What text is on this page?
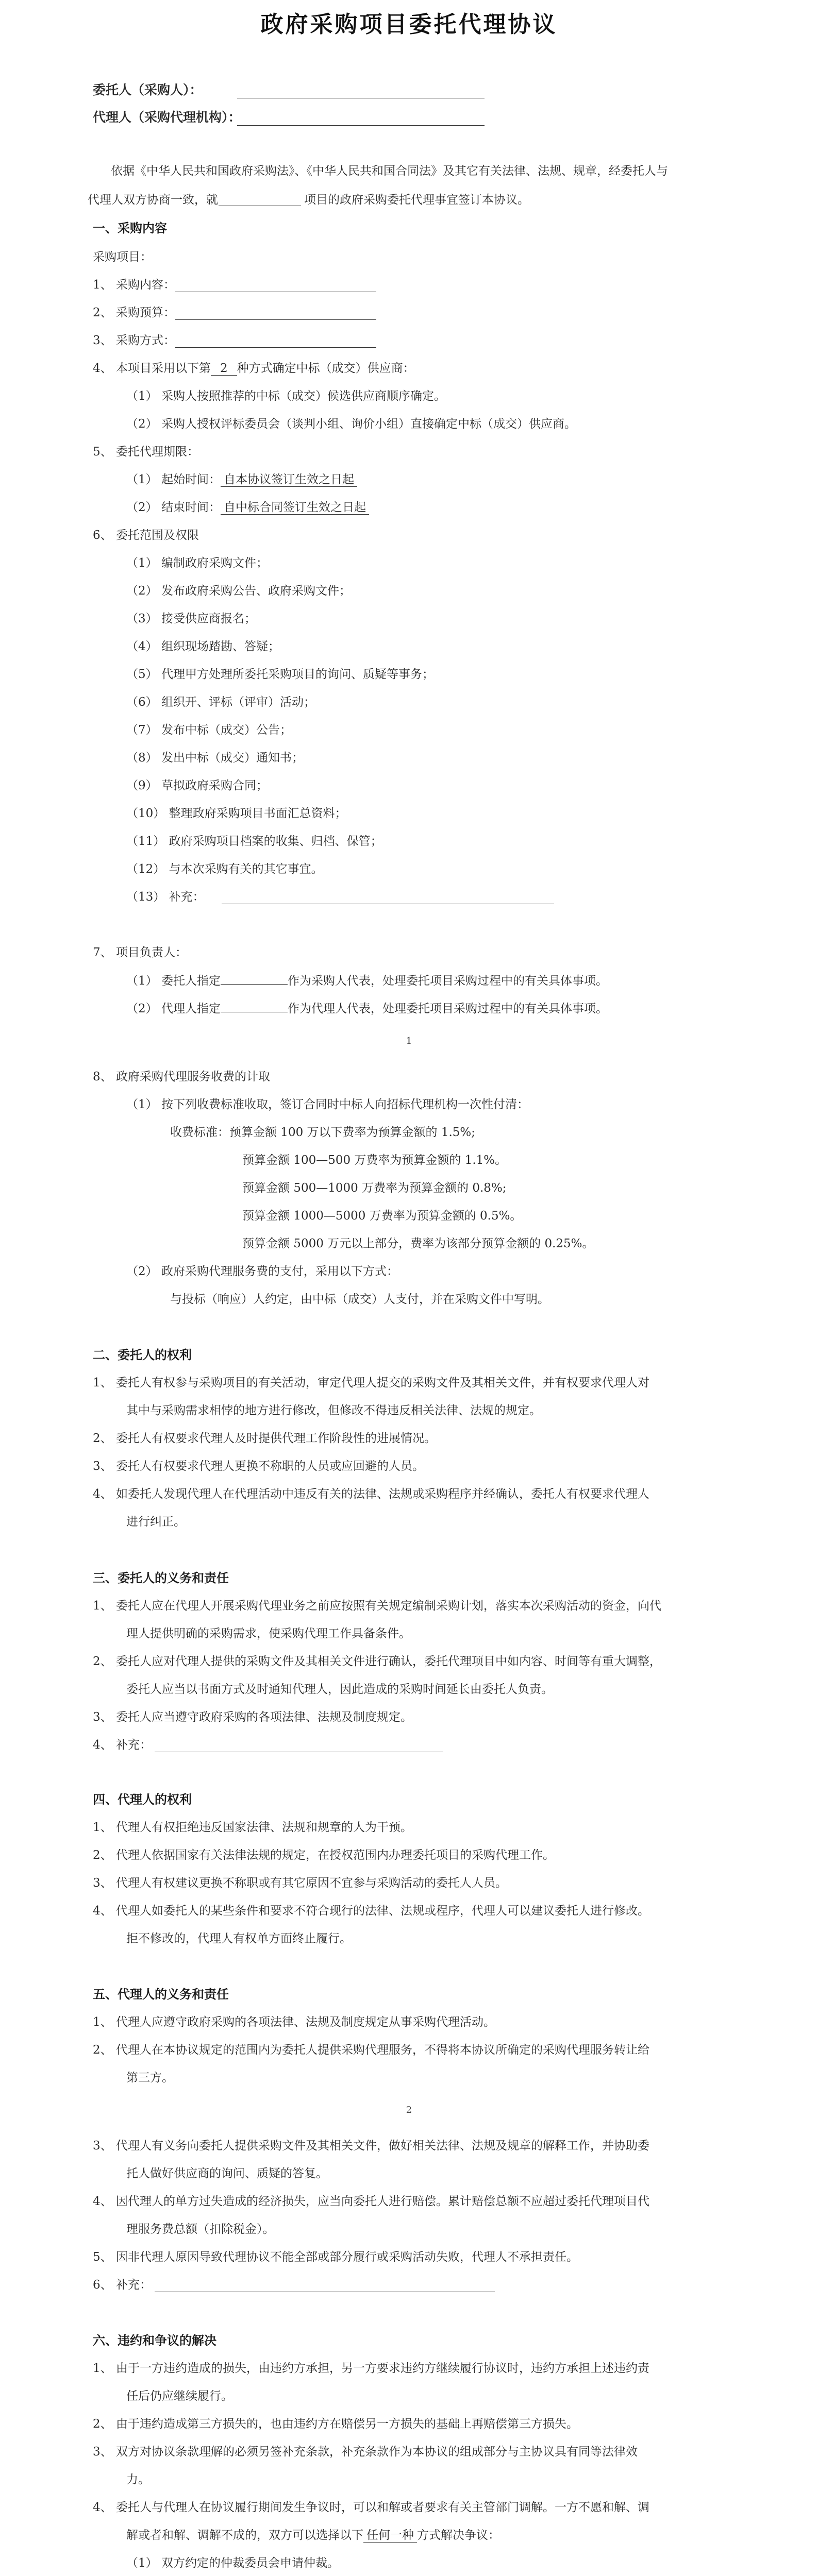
政府采购项目委托代理协议
委托人（采购人）：
代理人（采购代理机构）：
依据《中华人民共和国政府采购法》、《中华人民共和国合同法》及其它有关法律、法规、规章，经委托人与
代理人双方协商一致，就	项目的政府采购委托代理事宜签订本协议。
一、采购内容
采购项目：
1、 采购内容：
2、 采购预算：
3、 采购方式：
4、 本项目采用以下第 2 种方式确定中标（成交）供应商：
（1） 采购人按照推荐的中标（成交）候选供应商顺序确定。
（2） 采购人授权评标委员会（谈判小组、询价小组）直接确定中标（成交）供应商。
5、 委托代理期限：
（1） 起始时间： 自本协议签订生效之日起
（2） 结束时间： 自中标合同签订生效之日起
6、 委托范围及权限
（1） 编制政府采购文件；
（2） 发布政府采购公告、政府采购文件；
（3） 接受供应商报名；
（4） 组织现场踏勘、答疑；
（5） 代理甲方处理所委托采购项目的询问、质疑等事务；
（6） 组织开、评标（评审）活动；
（7） 发布中标（成交）公告；
（8） 发出中标（成交）通知书；
（9） 草拟政府采购合同；
（10） 整理政府采购项目书面汇总资料；
（11） 政府采购项目档案的收集、归档、保管；
（12） 与本次采购有关的其它事宜。
（13） 补充：
7、 项目负责人：
（1） 委托人指定	作为采购人代表，处理委托项目采购过程中的有关具体事项。
（2） 代理人指定	作为代理人代表，处理委托项目采购过程中的有关具体事项。
1
8、 政府采购代理服务收费的计取
（1） 按下列收费标准收取，签订合同时中标人向招标代理机构一次性付清：
收费标准：预算金额 100 万以下费率为预算金额的 1.5%;
预算金额 100—500 万费率为预算金额的 1.1%。
预算金额 500—1000 万费率为预算金额的 0.8%;
预算金额 1000—5000 万费率为预算金额的 0.5%。
预算金额 5000 万元以上部分，费率为该部分预算金额的 0.25%。
（2） 政府采购代理服务费的支付，采用以下方式：
与投标（响应）人约定，由中标（成交）人支付，并在采购文件中写明。
二、委托人的权利
1、 委托人有权参与采购项目的有关活动，审定代理人提交的采购文件及其相关文件，并有权要求代理人对
其中与采购需求相悖的地方进行修改，但修改不得违反相关法律、法规的规定。
2、 委托人有权要求代理人及时提供代理工作阶段性的进展情况。
3、 委托人有权要求代理人更换不称职的人员或应回避的人员。
4、 如委托人发现代理人在代理活动中违反有关的法律、法规或采购程序并经确认，委托人有权要求代理人
进行纠正。
三、委托人的义务和责任
1、 委托人应在代理人开展采购代理业务之前应按照有关规定编制采购计划，落实本次采购活动的资金，向代
理人提供明确的采购需求，使采购代理工作具备条件。
2、 委托人应对代理人提供的采购文件及其相关文件进行确认，委托代理项目中如内容、时间等有重大调整，
委托人应当以书面方式及时通知代理人，因此造成的采购时间延长由委托人负责。
3、 委托人应当遵守政府采购的各项法律、法规及制度规定。
4、 补充：
四、代理人的权利
1、 代理人有权拒绝违反国家法律、法规和规章的人为干预。
2、 代理人依据国家有关法律法规的规定，在授权范围内办理委托项目的采购代理工作。
3、 代理人有权建议更换不称职或有其它原因不宜参与采购活动的委托人人员。
4、 代理人如委托人的某些条件和要求不符合现行的法律、法规或程序，代理人可以建议委托人进行修改。
拒不修改的，代理人有权单方面终止履行。
五、代理人的义务和责任
1、 代理人应遵守政府采购的各项法律、法规及制度规定从事采购代理活动。
2、 代理人在本协议规定的范围内为委托人提供采购代理服务，不得将本协议所确定的采购代理服务转让给
第三方。
2
3、 代理人有义务向委托人提供采购文件及其相关文件，做好相关法律、法规及规章的解释工作，并协助委
托人做好供应商的询问、质疑的答复。
4、 因代理人的单方过失造成的经济损失，应当向委托人进行赔偿。累计赔偿总额不应超过委托代理项目代
理服务费总额（扣除税金）。
5、 因非代理人原因导致代理协议不能全部或部分履行或采购活动失败，代理人不承担责任。
6、 补充：
六、违约和争议的解决
1、 由于一方违约造成的损失，由违约方承担，另一方要求违约方继续履行协议时，违约方承担上述违约责
任后仍应继续履行。
2、 由于违约造成第三方损失的，也由违约方在赔偿另一方损失的基础上再赔偿第三方损失。
3、 双方对协议条款理解的必须另签补充条款，补充条款作为本协议的组成部分与主协议具有同等法律效
力。
4、 委托人与代理人在协议履行期间发生争议时，可以和解或者要求有关主管部门调解。一方不愿和解、调
解或者和解、调解不成的，双方可以选择以下 任何一种 方式解决争议：
（1） 双方约定的仲裁委员会申请仲裁。
